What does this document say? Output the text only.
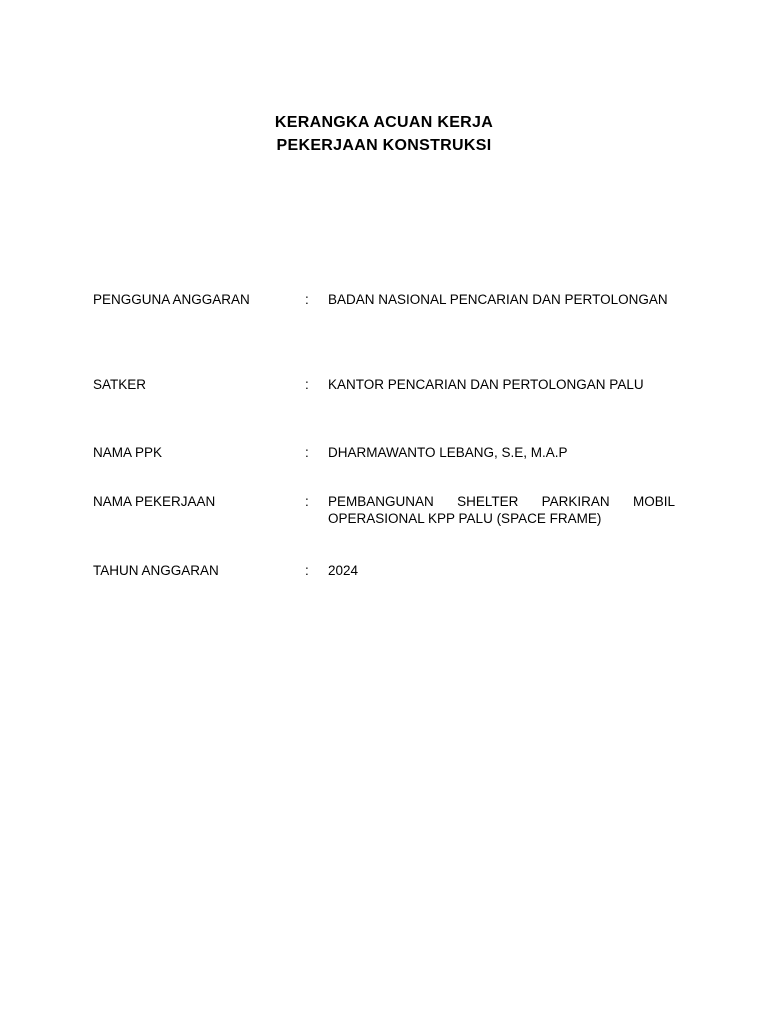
KERANGKA ACUAN KERJA
PEKERJAAN KONSTRUKSI
PENGGUNA ANGGARAN	:	BADAN NASIONAL PENCARIAN DAN PERTOLONGAN
SATKER	:	KANTOR PENCARIAN DAN PERTOLONGAN PALU
NAMA PPK	:	DHARMAWANTO LEBANG, S.E, M.A.P
NAMA PEKERJAAN	:	PEMBANGUNAN SHELTER PARKIRAN MOBIL OPERASIONAL KPP PALU (SPACE FRAME)
TAHUN ANGGARAN	:	2024
